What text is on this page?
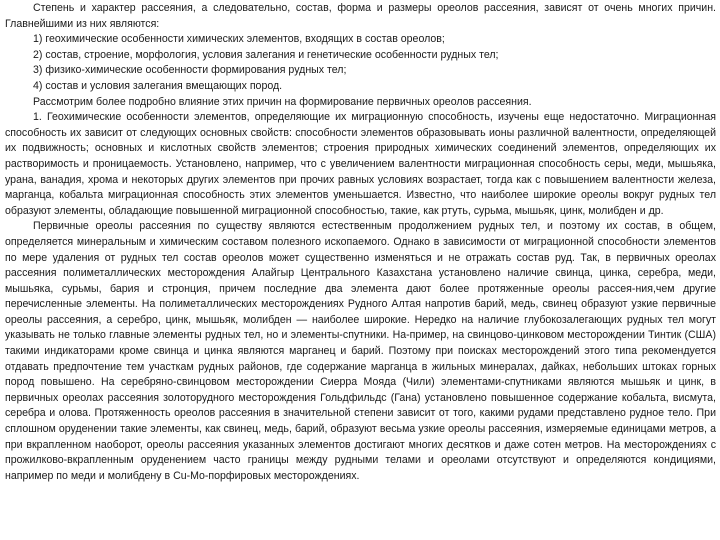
Степень и характер рассеяния, а следовательно, состав, форма и размеры ореолов рассеяния, зависят от очень многих причин. Главнейшими из них являются:

1) геохимические особенности химических элементов, входящих в состав ореолов;

2) состав, строение, морфология, условия залегания и генетические особенности рудных тел;

3) физико-химические особенности формирования рудных тел;

4) состав и условия залегания вмещающих пород.

Рассмотрим более подробно влияние этих причин на формирование первичных ореолов рассеяния.

1. Геохимические особенности элементов, определяющие их миграционную способность, изучены еще недостаточно. Миграционная способность их зависит от следующих основных свойств: способности элементов образовывать ионы различной валентности, определяющей их подвижность; основных и кислотных свойств элементов; строения природных химических соединений элементов, определяющих их растворимость и проницаемость. Установлено, например, что с увеличением валентности миграционная способность серы, меди, мышьяка, урана, ванадия, хрома и некоторых других элементов при прочих равных условиях возрастает, тогда как с повышением валентности железа, марганца, кобальта миграционная способность этих элементов уменьшается. Известно, что наиболее широкие ореолы вокруг рудных тел образуют элементы, обладающие повышенной миграционной способностью, такие, как ртуть, сурьма, мышьяк, цинк, молибден и др.

Первичные ореолы рассеяния по существу являются естественным продолжением рудных тел, и поэтому их состав, в общем, определяется минеральным и химическим составом полезного ископаемого. Однако в зависимости от миграционной способности элементов по мере удаления от рудных тел состав ореолов может существенно изменяться и не отражать состав руд. Так, в первичных ореолах рассеяния полиметаллических месторождения Алайгыр Центрального Казахстана установлено наличие свинца, цинка, серебра, меди, мышьяка, сурьмы, бария и стронция, причем последние два элемента дают более протяженные ореолы рассея-ния,чем другие перечисленные элементы. На полиметаллических месторождениях Рудного Алтая напротив барий, медь, свинец образуют узкие первичные ореолы рассеяния, а серебро, цинк, мышьяк, молибден — наиболее широкие. Нередко на наличие глубокозалегающих рудных тел могут указывать не только главные элементы рудных тел, но и элементы-спутники. На-пример, на свинцово-цинковом месторождении Тинтик (США) такими индикаторами кроме свинца и цинка являются марганец и барий. Поэтому при поисках месторождений этого типа рекомендуется отдавать предпочтение тем участкам рудных районов, где содержание марганца в жильных минералах, дайках, небольших штоках горных пород повышено. На серебряно-свинцовом месторождении Сиерра Мояда (Чили) элементами-спутниками являются мышьяк и цинк, в первичных ореолах рассеяния золоторудного месторождения Гольдфильдс (Гана) установлено повышенное содержание кобальта, висмута, серебра и олова. Протяженность ореолов рассеяния в значительной степени зависит от того, какими рудами представлено рудное тело. При сплошном оруденении такие элементы, как свинец, медь, барий, образуют весьма узкие ореолы рассеяния, измеряемые единицами метров, а при вкрапленном наоборот, ореолы рассеяния указанных элементов достигают многих десятков и даже сотен метров. На месторождениях с прожилково-вкрапленным оруденением часто границы между рудными телами и ореолами отсутствуют и определяются кондициями, например по меди и молибдену в Cu-Mo-порфировых месторождениях.
